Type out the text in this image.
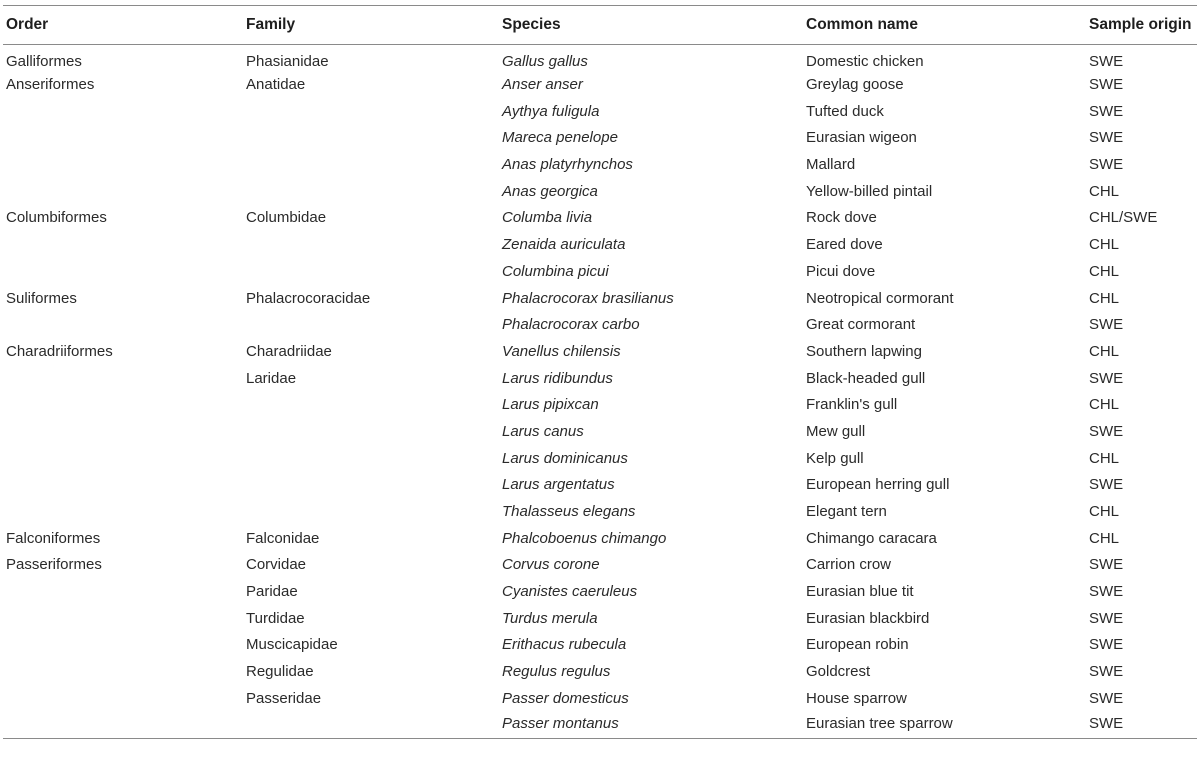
Order	Family	Species	Common name	Sample origin
Galliformes	Phasianidae	Gallus gallus	Domestic chicken	SWE
Anseriformes	Anatidae	Anser anser	Greylag goose	SWE
		Aythya fuligula	Tufted duck	SWE
		Mareca penelope	Eurasian wigeon	SWE
		Anas platyrhynchos	Mallard	SWE
		Anas georgica	Yellow-billed pintail	CHL
Columbiformes	Columbidae	Columba livia	Rock dove	CHL/SWE
		Zenaida auriculata	Eared dove	CHL
		Columbina picui	Picui dove	CHL
Suliformes	Phalacrocoracidae	Phalacrocorax brasilianus	Neotropical cormorant	CHL
		Phalacrocorax carbo	Great cormorant	SWE
Charadriiformes	Charadriidae	Vanellus chilensis	Southern lapwing	CHL
	Laridae	Larus ridibundus	Black-headed gull	SWE
		Larus pipixcan	Franklin's gull	CHL
		Larus canus	Mew gull	SWE
		Larus dominicanus	Kelp gull	CHL
		Larus argentatus	European herring gull	SWE
		Thalasseus elegans	Elegant tern	CHL
Falconiformes	Falconidae	Phalcoboenus chimango	Chimango caracara	CHL
Passeriformes	Corvidae	Corvus corone	Carrion crow	SWE
	Paridae	Cyanistes caeruleus	Eurasian blue tit	SWE
	Turdidae	Turdus merula	Eurasian blackbird	SWE
	Muscicapidae	Erithacus rubecula	European robin	SWE
	Regulidae	Regulus regulus	Goldcrest	SWE
	Passeridae	Passer domesticus	House sparrow	SWE
		Passer montanus	Eurasian tree sparrow	SWE
